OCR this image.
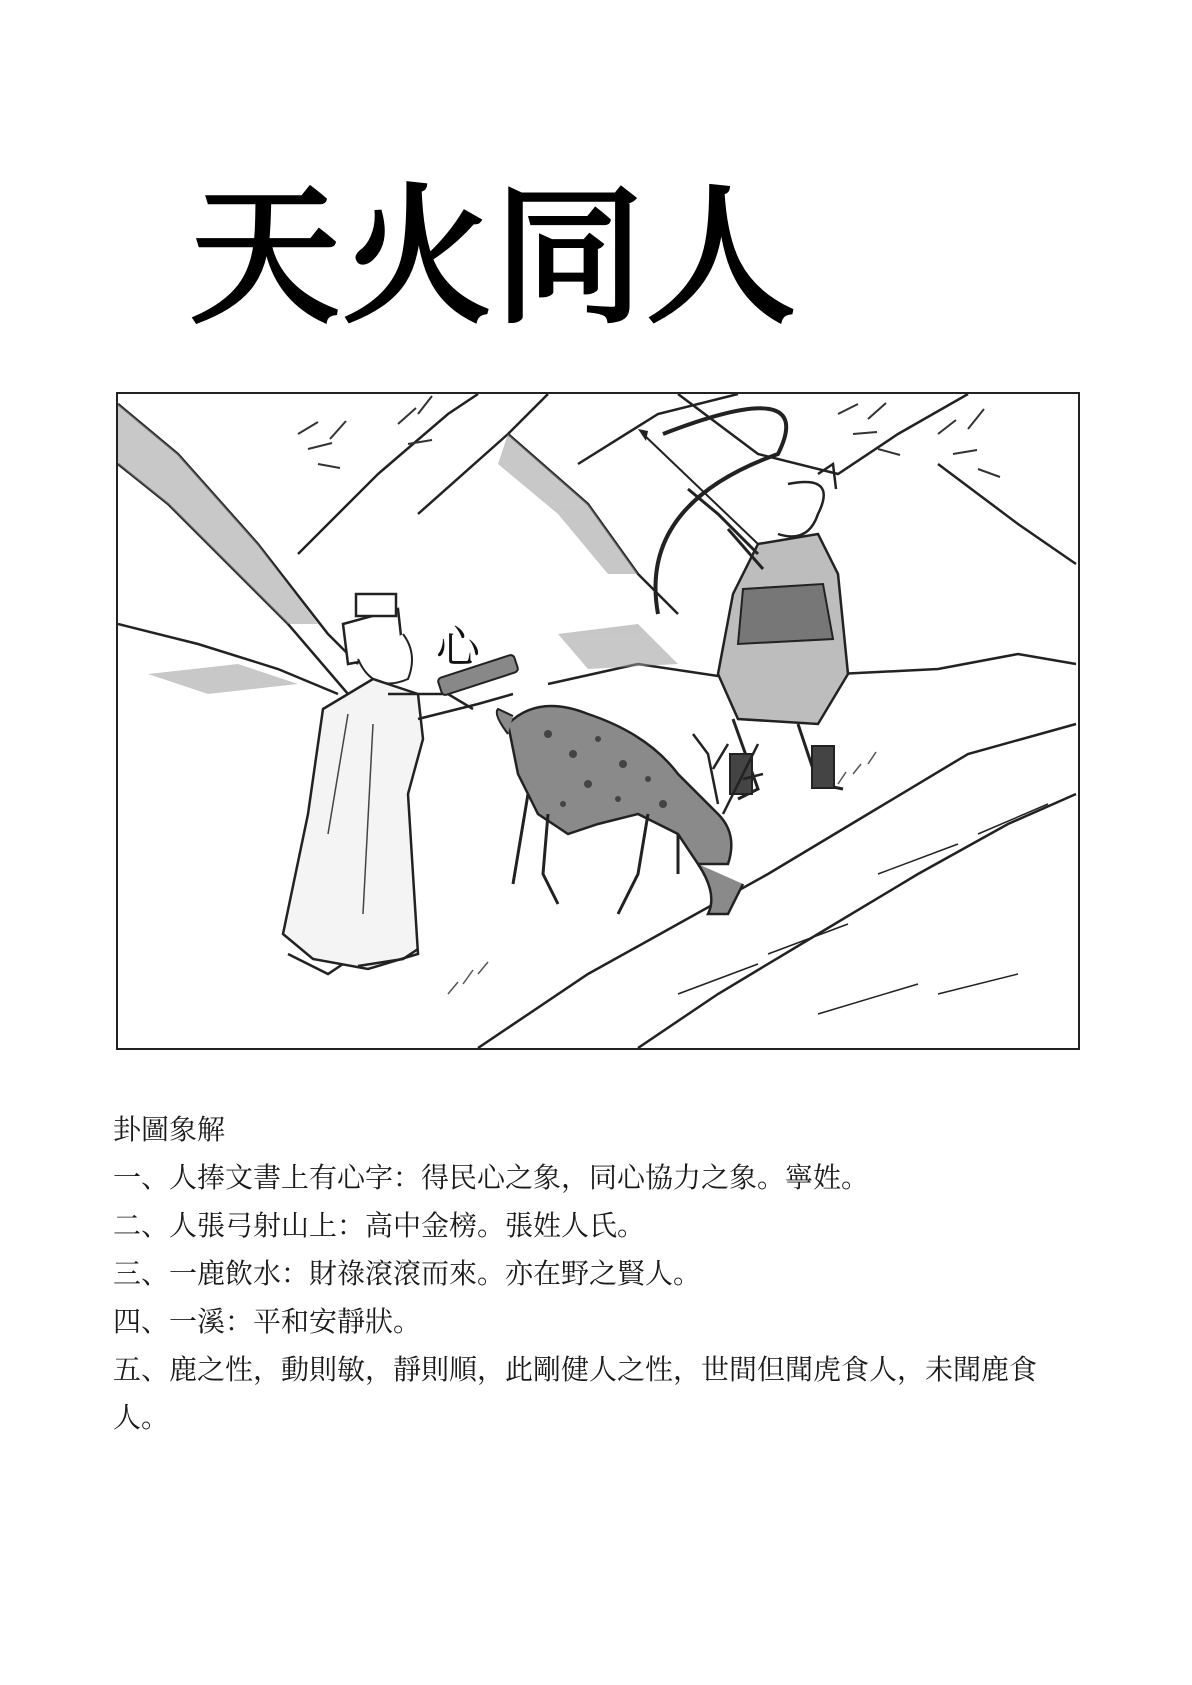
天火同人
心

卦圖象解

一、人捧文書上有心字：得民心之象，同心協力之象。寧姓。

二、人張弓射山上：高中金榜。張姓人氏。

三、一鹿飲水：財祿滾滾而來。亦在野之賢人。

四、一溪：平和安靜狀。

五、鹿之性，動則敏，靜則順，此剛健人之性，世間但聞虎食人，未聞鹿食人。
